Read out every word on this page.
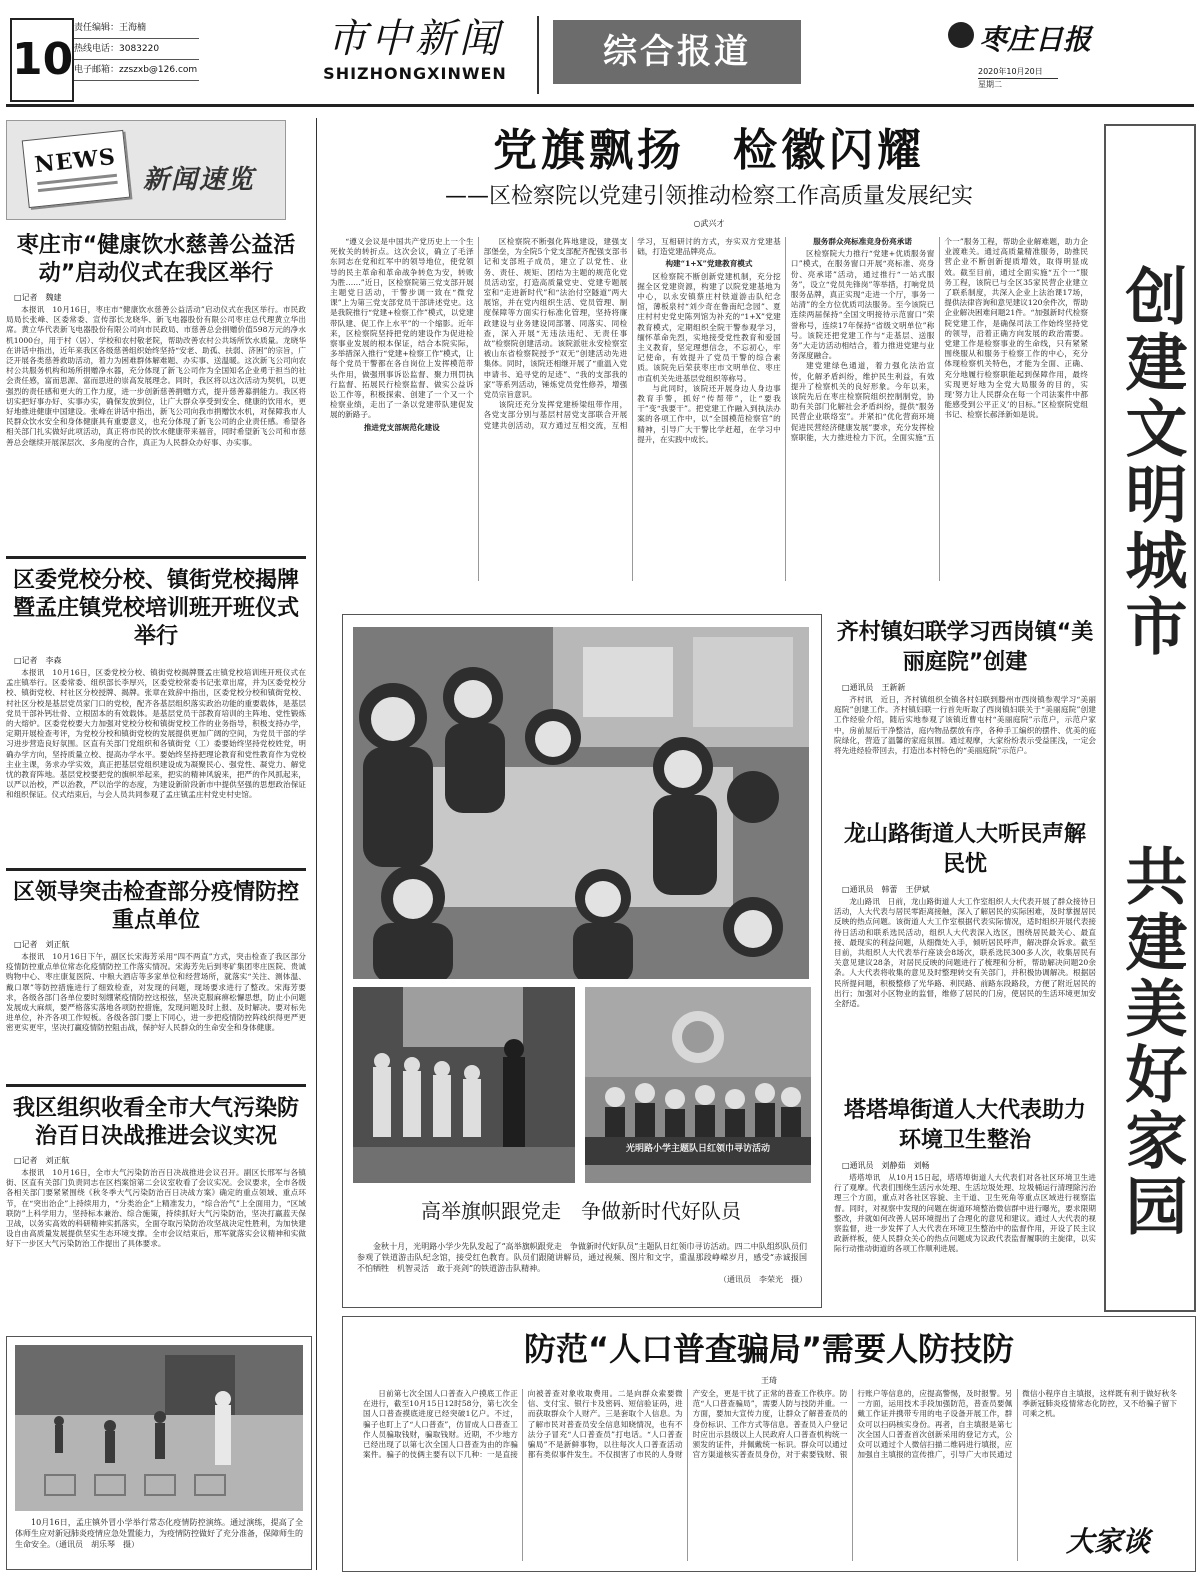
10
责任编辑：王海楠
热线电话：3083220
电子邮箱：zzszxb@126.com
市中新闻
SHIZHONGXINWEN
综合报道	枣庄日报
2020年10月20日
星期二
NEWS
新闻速览
枣庄市“健康饮水慈善公益活动”启动仪式在我区举行
□记者　魏建

本报讯　10月16日，枣庄市“健康饮水慈善公益活动”启动仪式在我区举行。市民政局局长张峰、区委常委、宣传部长龙晓华、新飞电器股份有限公司枣庄总代理黄立华出席。黄立华代表新飞电器股份有限公司向市民政局、市慈善总会捐赠价值598万元的净水机1000台，用于村（居）、学校和农村敬老院，帮助改善农村公共场所饮水质量。龙晓华在讲话中指出，近年来我区各级慈善组织始终坚持“安老、助孤、扶弱、济困”的宗旨，广泛开展各类慈善救助活动，着力为困难群体解难题、办实事、送温暖。这次新飞公司向农村公共服务机构和场所捐赠净水器，充分体现了新飞公司作为全国知名企业勇于担当的社会责任感，富而思源、富而思进的崇高发展理念。同时，我区将以这次活动为契机，以更强烈的责任感和更大的工作力度，进一步创新慈善捐赠方式，提升慈善募捐能力。我区将切实把好事办好、实事办实，确保发放到位，让广大群众享受到安全、健康的饮用水，更好地推进健康中国建设。张峰在讲话中指出，新飞公司向我市捐赠饮水机，对保障我市人民群众饮水安全和身体健康具有重要意义，也充分体现了新飞公司的企业责任感。希望各相关部门扎实做好此项活动，真正将市民的饮水健康带来福音，同时希望新飞公司和市慈善总会继续开展深层次、多角度的合作，真正为人民群众办好事、办实事。

区委党校分校、镇街党校揭牌暨孟庄镇党校培训班开班仪式举行
□记者　李森

本报讯　10月16日，区委党校分校、镇街党校揭牌暨孟庄镇党校培训班开班仪式在孟庄镇举行。区委常委、组织部长李厚兴，区委党校常委书记张章出席，并为区委党校分校、镇街党校、村社区分校授牌、揭牌。张章在致辞中指出，区委党校分校和镇街党校、村社区分校是基层党员家门口的党校，配齐各基层组织落实政治功能的重要载体，是基层党员干部补钙壮骨、立根固本的有效载体。是基层党员干部教育培训的主阵地、党性锻炼的大熔炉。区委党校要大力加强对党校分校和镇街党校工作的业务指导，积极支持办学，定期开展检查考评，为党校分校和镇街党校的发展提供更加广阔的空间，为党员干部的学习进步营造良好氛围。区直有关部门党组织和各镇街党（工）委要始终坚持党校姓党，明确办学方向，坚持质量立校、提高办学水平。要始终坚持把理论教育和党性教育作为党校主业主课，务求办学实效，真正把基层党组织建设成为凝聚民心、强党性、凝党力、解党忧的教育阵地。基层党校要把党的旗帜举起来，把实的精神风貌来，把严的作风抓起来，以严以治校，严以治教，严以治学的态度，为建设新阶段新市中提供坚强的思想政治保证和组织保证。仪式结束后，与会人员共同参观了孟庄镇孟庄村党史村史馆。

区领导突击检查部分疫情防控重点单位
□记者　刘正航

本报讯　10月16日下午，副区长宋海芳采用“四不两直”方式，突击检查了我区部分疫情防控重点单位常态化疫情防控工作落实情况。宋海芳先后到枣矿集团枣庄医院、贵诚购物中心、枣庄康复医院、中粮大酒店等多家单位和经营场所，就落实“关注、测体温、戴口罩”等防控措施进行了细致检查，对发现的问题，现场要求进行了整改。宋海芳要求，各级各部门各单位要时刻绷紧疫情防控这根弦，坚决克服麻痹松懈思想，防止小问题发展成大麻烦，要严格落实落地各项防控措施，发现问题及时上报、及时解决。要对标先进单位，补齐各项工作短板。各级各部门要上下同心，进一步把疫情防控阵线织得更严更密更实更牢，坚决打赢疫情防控阻击战，保护好人民群众的生命安全和身体健康。

我区组织收看全市大气污染防治百日决战推进会议实况
□记者　刘正航

本报讯　10月16日，全市大气污染防治百日决战推进会议召开。副区长邢军与各镇街、区直有关部门负责同志在区档案馆第二会议室收看了会议实况。会议要求，全市各级各相关部门要紧紧围绕《秋冬季大气污染防治百日决战方案》确定的重点领域、重点环节，在“突出治企”上持续用力，“分类治企”上精准发力，“综合治气”上全面用力，“区域联防”上科学用力，坚持标本兼治、综合施策，持续抓好大气污染防治，坚决打赢蓝天保卫战，以务实高效的科研精神实抓落实，全面夺取污染防治攻坚战决定性胜利，为加快建设自由高质量发展提供坚实生态环境支撑。全市会议结束后，邢军就落实会议精神和实做好下一步区大气污染防治工作提出了具体要求。

10月16日，孟庄镇外冒小学举行常态化疫情防控演练。通过演练，提高了全体师生应对新冠肺炎疫情应急处置能力，为疫情防控做好了充分准备，保障师生的生命安全。（通讯员　胡乐琴　摄）

党旗飘扬　检徽闪耀
——区检察院以党建引领推动检察工作高质量发展纪实
○武兴才

“遵义会议是中国共产党历史上一个生死攸关的转折点。这次会议，确立了毛泽东同志在党和红军中的领导地位，使党领导的民主革命和革命战争转危为安，转败为胜……”近日，区检察院第三党支部开展主题党日活动，干警步调一致在“微党课”上为第三党支部党员干部讲述党史。这是我院推行“党建+检察工作”模式，以党建带队建、促工作上水平”的一个缩影。近年来，区检察院坚持把党的建设作为促进检察事业发展的根本保证，结合本院实际，多举措深入推行“党建+检察工作”模式，让每个党员干警都在各自岗位上发挥模范带头作用，做强刑事诉讼监督、聚力刑罚执行监督、拓展民行检察监督、做实公益诉讼工作等，积极探索、创建了一个又一个检察业绩，走出了一条以党建带队建促发展的新路子。

推进党支部规范化建设

区检察院不断强化阵地建设，建强支部堡垒，为全院5个党支部配齐配强支部书记和支部班子成员，建立了以党性、业务、责任、规矩、团结为主题的规范化党员活动室，打造高质量党史、党建专题展室和“走进新时代”和“法治付空隧道”两大展馆，并在党内组织生活、党员管理、制度保障等方面实行标准化管理，坚持将廉政建设与业务建设同部署、同落实、同检查，深入开展“无违法违纪、无责任事故”检察院创建活动。该院派驻永安检察室被山东省检察院授予“双无”创建活动先进集体。同时，该院还相继开展了“重温入党申请书、追寻党的足迹”、“我的支部我的家”等系列活动，锤炼党员党性修养，增强党员宗旨意识。

该院还充分发挥党建桥梁纽带作用，各党支部分别与基层村居党支部联合开展党建共创活动，双方通过互相交流，互相学习，互相研讨的方式，夯实双方党建基础，打造党建品牌亮点。

构建“1+X”党建教育模式

区检察院不断创新党建机制，充分挖掘全区党建资源，构建了以院党建基地为中心，以永安镇蔡庄村铁道游击队纪念馆，薄板泉村“刘少奇在鲁南纪念园”、夏庄村村史党史陈列馆为补充的“1+X”党建教育模式，定期组织全院干警参观学习，缅怀革命先烈，实地接受党性教育和爱国主义教育，坚定理想信念，不忘初心，牢记使命，有效提升了党员干警的综合素质。该院先后荣获枣庄市文明单位、枣庄市直机关先进基层党组织等称号。

与此同时，该院还开展身边人身边事教育手警，抓好“传帮带”，让“要我干”变“我要干”。把党建工作融入到执法办案的各项工作中，以“全国模范检察官”的精神，引导广大干警比学赶超，在学习中提升，在实践中成长。

服务群众亮标准竞身份亮承诺

区检察院大力推行“党建+优质服务窗口”模式，在服务窗口开展“亮标准、亮身份、亮承诺”活动，通过推行“一站式服务”，设立“党员先锋岗”等举措，打响党员服务品牌，真正实现“走进一个厅，事务一站清”的全方位优质司法服务。至今该院已连续两届保持“全国文明接待示范窗口”荣誉称号，连续17年保持“省级文明单位”称号。该院还把党建工作与“走基层、送服务”大走访活动相结合，着力推进党建与业务深度融合。

建党建绿色通道，着力强化法治宣传，化解矛盾纠纷，维护民生利益，有效提升了检察机关的良好形象。今年以来，该院先后在枣庄检察院组织控制制党，协助有关部门化解社会矛盾纠纷，提供“服务民营企业联络室”。并紧扣“优化营商环境促进民营经济健康发展”要求，充分发挥检察职能，大力推进检力下沉，全面实施“五个一”服务工程，帮助企业解难题，助力企业渡难关。通过高质量精准服务，助推民营企业不断创新提质增效，取得明显成效。截至目前，通过全面实施“五个一”服务工程，该院已与全区35家民营企业建立了联系制度，共深入企业上法治课17场，提供法律咨询和意见建议120余件次，帮助企业解决困难问题21件。“加强新时代检察院党建工作，是确保司法工作始终坚持党的领导，沿着正确方向发展的政治需要。党建工作是检察事业的生命线，只有紧紧围绕服从和服务于检察工作的中心，充分体现检察机关特色，才能为全面、正确、充分地履行检察职能起到保障作用，最终实现更好地为全党大局服务的目的，实现‘努力让人民群众在每一个司法案件中都能感受到公平正义’的目标。”区检察院党组书记、检察长郝泽新如是说。	创建文明城市
共建美好家园
光明路小学主题队日红领巾寻访活动
高举旗帜跟党走　争做新时代好队员

金秋十月，光明路小学少先队发起了“高举旗帜跟党走　争做新时代好队员”主题队日红领巾寻访活动。四二中队组织队员们参观了铁道游击队纪念馆，接受红色教育。队员们跟随讲解员，通过视频、图片和文字，重温那段峥嵘岁月，感受“赤诚报国　不怕牺牲　机智灵活　敢于亮剑”的铁道游击队精神。

（通讯员　李荣光　摄）
齐村镇妇联学习西岗镇“美丽庭院”创建
□通讯员　王新新

齐村讯　近日，齐村镇组织全镇各村妇联到滕州市西岗镇参观学习“美丽庭院”创建工作。齐村镇妇联一行首先听取了西岗镇妇联关于“美丽庭院”创建工作经验介绍，随后实地参观了该镇近曹屯村“美丽庭院”示范户，示范户家中，房前屋后干净整洁，庭内物品摆放有序，各种手工编织的摆件、优美的庭院绿化，营造了温馨的家庭氛围。通过观摩，大家纷纷表示受益匪浅，一定会将先进经验带回去，打造出本村特色的“美丽庭院”示范户。

龙山路街道人大听民声解民忧
□通讯员　韩蕾　王伊斌

龙山路讯　日前，龙山路街道人大工作室组织人大代表开展了群众接待日活动，人大代表与居民零距离接触，深入了解居民的实际困难，及时掌握居民反映的热点问题。该街道人大工作室根据代表实际情况，适时组织开展代表接待日活动和联系选民活动，组织人大代表深入选区，围绕居民最关心、最直接、最现实的利益问题，从细微处入手，倾听居民呼声，解决群众诉求。截至目前，共组织人大代表举行座谈会8场次，联系选民300多人次，收集居民有关意见建议28条，对居民反映的问题进行了梳理和分析，帮助解决问题20余条。人大代表将收集的意见及时整理转交有关部门，并积极协调解决。根据居民所提问题，积极整修了光华路、利民路、前路东段路段，方便了附近居民的出行；加强对小区物业的监督，维修了居民的门房，使居民的生活环境更加安全舒适。

塔塔埠街道人大代表助力环境卫生整治
□通讯员　刘静茹　刘畅

塔塔埠讯　从10月15日起，塔塔埠街道人大代表们对各社区环境卫生进行了观摩。代表们围绕生活污水处理、生活垃圾处理、垃圾桶运行清理除污治理三个方面，重点对各社区容貌、主干道、卫生死角等重点区域进行视察监督。同时，对视察中发现的问题在街道环境整治微信群中进行曝光，要求限期整改，并就如何改善人居环境提出了合理化的意见和建议。通过人大代表的视察监督，进一步发挥了人大代表在环境卫生整治中的监督作用，开设了民主议政新样板，使人民群众关心的热点问题成为议政代表监督履职的主旋律，以实际行动推动街道的各项工作顺利进展。

防范“人口普查骗局”需要人防技防
王琦

日前第七次全国人口普查入户摸底工作正在进行，截至10月15日12时58分，第七次全国人口普查摸底进度已经突破1亿户。不过，骗子也盯上了“人口普查”，仿冒成人口普查工作人员骗取钱财，骗取钱财。近期，不少地方已经出现了以第七次全国人口普查为由的诈骗案件。骗子的伎俩主要有以下几种：一是直接向被普查对象收取费用。二是向群众索要微信、支付宝、银行卡及密码、短信验证码，进而获取群众个人财产。三是套取个人信息。为了解市民对普查员安全信息知晓情况，也有不法分子冒充“人口普查员”打电话。“人口普查骗局”不是新鲜事物，以往每次人口普查活动都有类似事件发生。不仅损害了市民的人身财产安全，更是干扰了正常的普查工作秩序。防范“人口普查骗局”，需要人防与技防并重。一方面，要加大宣传力度，让群众了解普查员的身份标识、工作方式等信息。普查员入户登记时应出示县级以上人民政府人口普查机构统一颁发的证件，并佩戴统一标识。群众可以通过官方渠道核实普查员身份，对于索要钱财、银行账户等信息的，应提高警惕，及时报警。另一方面，运用技术手段加强防范，普查员要佩戴工作证并携带专用的电子设备开展工作，群众可以扫码核实身份。再者，自主填报是第七次全国人口普查首次创新采用的登记方式，公众可以通过个人微信扫描二维码进行填报，应加强自主填报的宣传推广，引导广大市民通过微信小程序自主填报，这样既有利于做好秋冬季新冠肺炎疫情常态化防控，又不给骗子留下可乘之机。

大家谈
